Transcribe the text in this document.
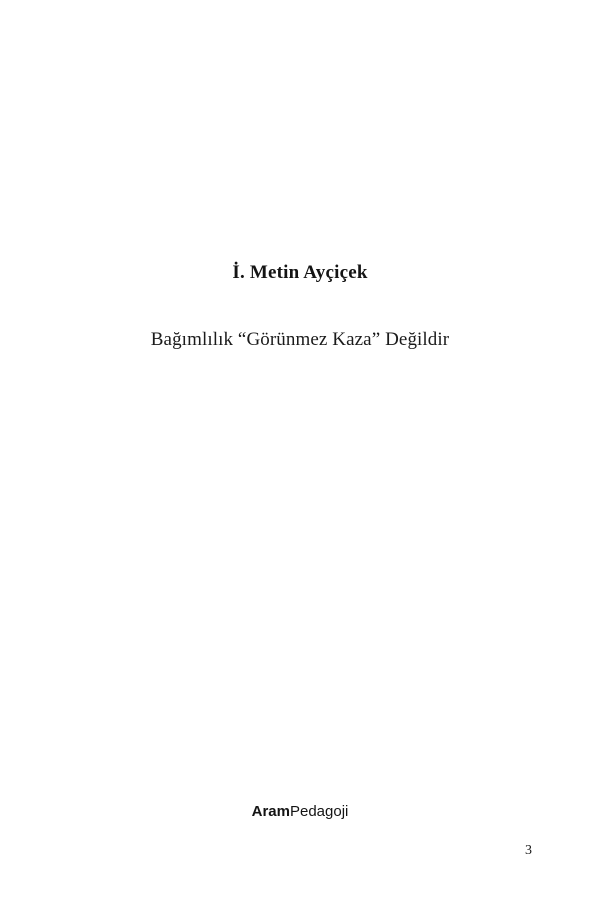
İ. Metin Ayçiçek
Bağımlılık “Görünmez Kaza” Değildir
AramPedagoji
3
